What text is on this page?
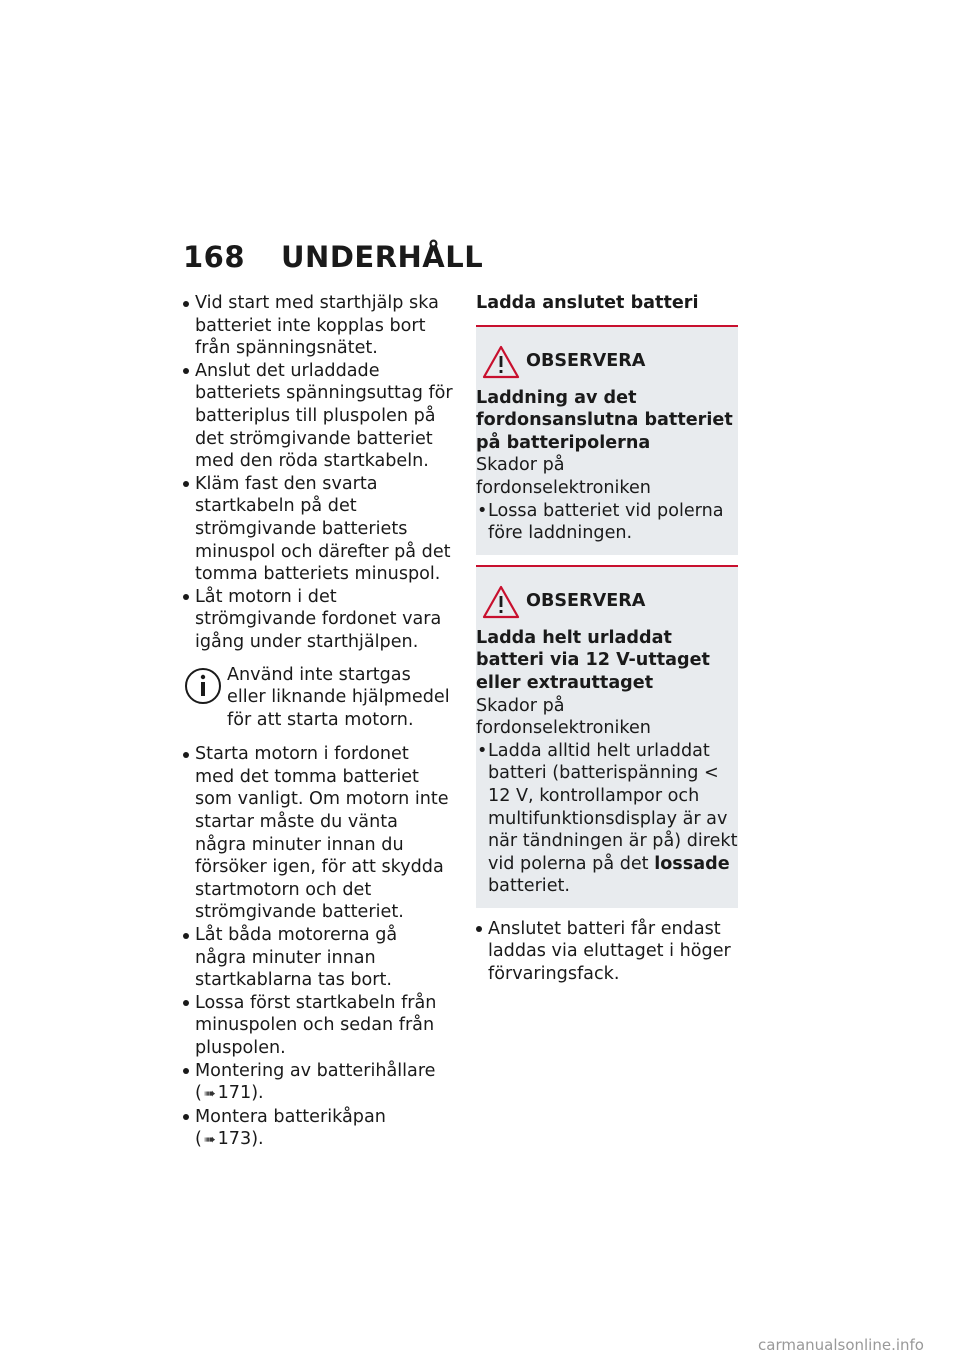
168 UNDERHÅLL
Vid start med starthjälp ska batteriet inte kopplas bort från spänningsnätet.
Anslut det urladdade batteriets spänningsuttag för batteriplus till pluspolen på det strömgivande batteriet med den röda startkabeln.
Kläm fast den svarta startkabeln på det strömgivande batteriets minuspol och därefter på det tomma batteriets minuspol.
Låt motorn i det strömgivande fordonet vara igång under starthjälpen.

Använd inte startgas eller liknande hjälpmedel för att starta motorn.

Starta motorn i fordonet med det tomma batteriet som vanligt. Om motorn inte startar måste du vänta några minuter innan du försöker igen, för att skydda startmotorn och det strömgivande batteriet.
Låt båda motorerna gå några minuter innan startkablarna tas bort.
Lossa först startkabeln från minuspolen och sedan från pluspolen.
Montering av batterihållare
( ➠ 171).
Montera batterikåpan
( ➠ 173).

Ladda anslutet batteri

OBSERVERA

Laddning av det fordonsanslutna batteriet på batteripolerna

Skador på fordonselektroniken

• Lossa batteriet vid polerna före laddningen.
OBSERVERA

Ladda helt urladdat batteri via 12 V-uttaget eller extrauttaget

Skador på fordonselektroniken

• Ladda alltid helt urladdat batteri (batterispänning < 12 V, kontrollampor och multifunktionsdisplay är av när tändningen är på) direkt vid polerna på det lossade batteriet.
Anslutet batteri får endast laddas via eluttaget i höger förvaringsfack.
carmanualsonline.info
